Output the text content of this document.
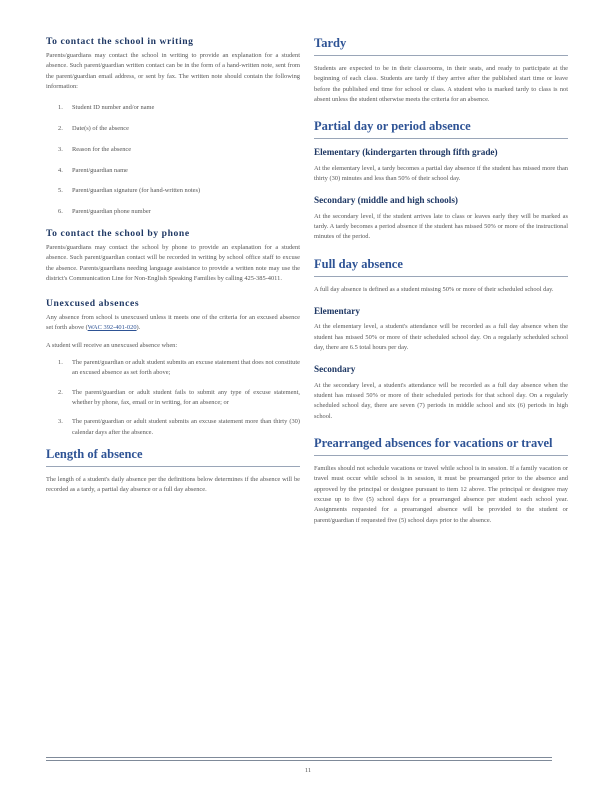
To contact the school in writing

Parents/guardians may contact the school in writing to provide an explanation for a student absence. Such parent/guardian written contact can be in the form of a hand-written note, sent from the parent/guardian email address, or sent by fax. The written note should contain the following information:

1.	Student ID number and/or name
2.	Date(s) of the absence
3.	Reason for the absence
4.	Parent/guardian name
5.	Parent/guardian signature (for hand-written notes)
6.	Parent/guardian phone number
To contact the school by phone

Parents/guardians may contact the school by phone to provide an explanation for a student absence. Such parent/guardian contact will be recorded in writing by school office staff to excuse the absence. Parents/guardians needing language assistance to provide a written note may use the district's Communication Line for Non-English Speaking Families by calling 425-385-4011.

Unexcused absences

Any absence from school is unexcused unless it meets one of the criteria for an excused absence set forth above (WAC 392-401-020).

A student will receive an unexcused absence when:

1.	The parent/guardian or adult student submits an excuse statement that does not constitute an excused absence as set forth above;
2.	The parent/guardian or adult student fails to submit any type of excuse statement, whether by phone, fax, email or in writing, for an absence; or
3.	The parent/guardian or adult student submits an excuse statement more than thirty (30) calendar days after the absence.
Length of absence

The length of a student's daily absence per the definitions below determines if the absence will be recorded as a tardy, a partial day absence or a full day absence.

Tardy

Students are expected to be in their classrooms, in their seats, and ready to participate at the beginning of each class. Students are tardy if they arrive after the published start time or leave before the published end time for school or class. A student who is marked tardy to class is not absent unless the student otherwise meets the criteria for an absence.

Partial day or period absence
Elementary (kindergarten through fifth grade)

At the elementary level, a tardy becomes a partial day absence if the student has missed more than thirty (30) minutes and less than 50% of their school day.

Secondary (middle and high schools)

At the secondary level, if the student arrives late to class or leaves early they will be marked as tardy. A tardy becomes a period absence if the student has missed 50% or more of the instructional minutes of the period.

Full day absence

A full day absence is defined as a student missing 50% or more of their scheduled school day.

Elementary

At the elementary level, a student's attendance will be recorded as a full day absence when the student has missed 50% or more of their scheduled school day. On a regularly scheduled school day, there are 6.5 total hours per day.

Secondary

At the secondary level, a student's attendance will be recorded as a full day absence when the student has missed 50% or more of their scheduled periods for that school day. On a regularly scheduled school day, there are seven (7) periods in middle school and six (6) periods in high school.

Prearranged absences for vacations or travel

Families should not schedule vacations or travel while school is in session. If a family vacation or travel must occur while school is in session, it must be prearranged prior to the absence and approved by the principal or designee pursuant to item 12 above. The principal or designee may excuse up to five (5) school days for a prearranged absence per student each school year. Assignments requested for a prearranged absence will be provided to the student or parent/guardian if requested five (5) school days prior to the absence.

11
